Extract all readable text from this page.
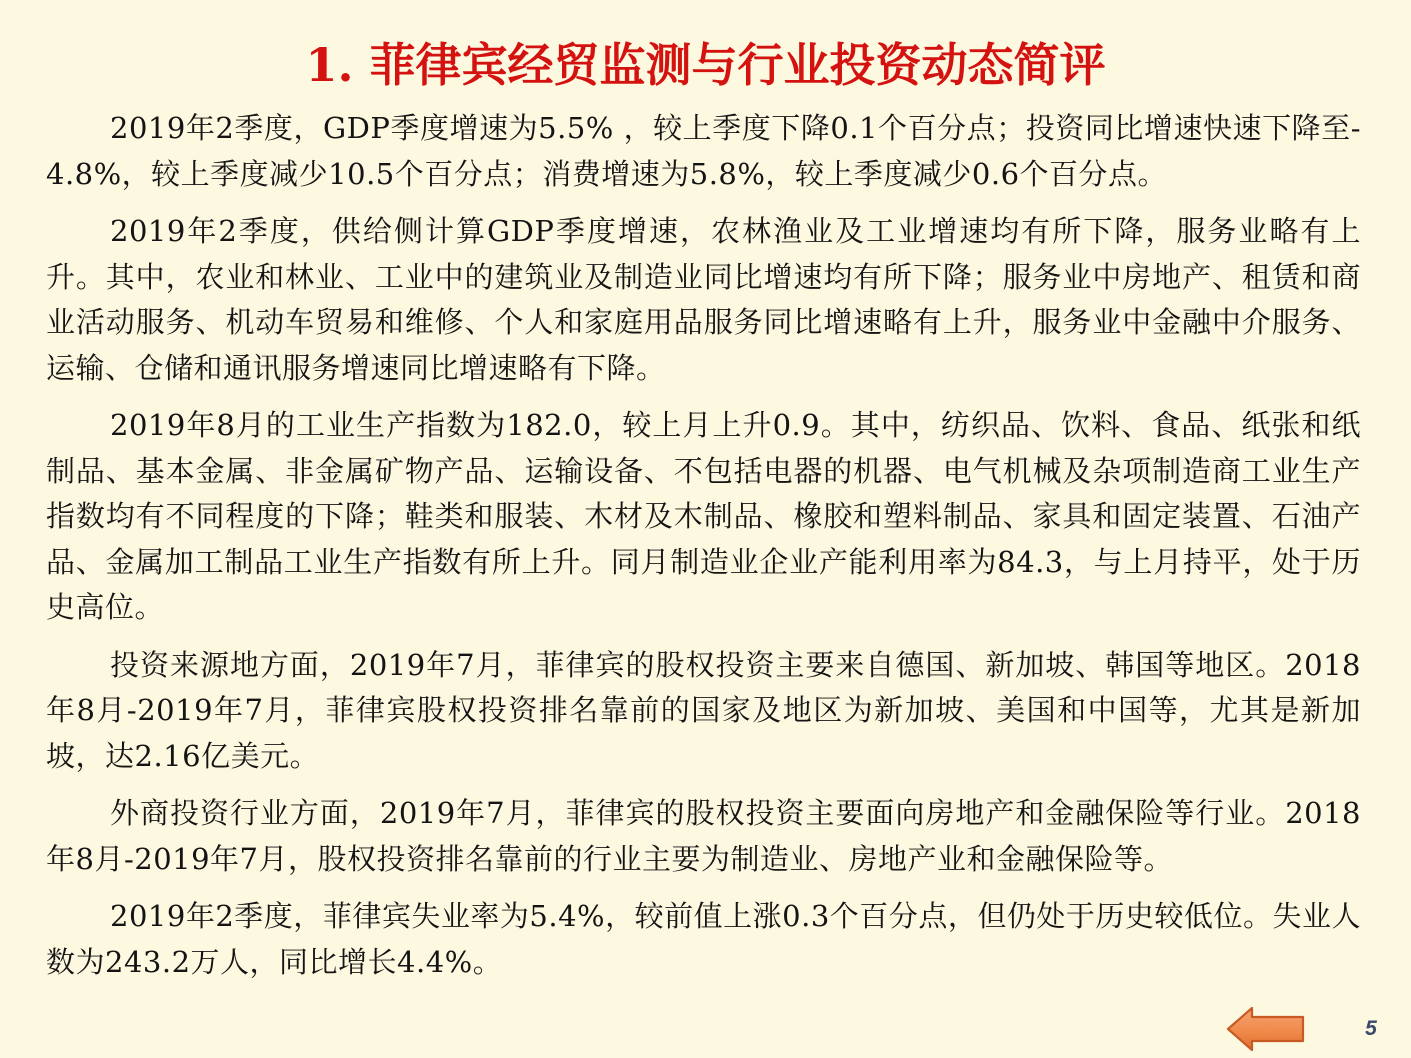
1. 菲律宾经贸监测与行业投资动态简评

2019年2季度，GDP季度增速为5.5% ，较上季度下降0.1个百分点；投资同比增速快速下降至-4.8%，较上季度减少10.5个百分点；消费增速为5.8%，较上季度减少0.6个百分点。

2019年2季度，供给侧计算GDP季度增速，农林渔业及工业增速均有所下降，服务业略有上升。其中，农业和林业、工业中的建筑业及制造业同比增速均有所下降；服务业中房地产、租赁和商业活动服务、机动车贸易和维修、个人和家庭用品服务同比增速略有上升，服务业中金融中介服务、运输、仓储和通讯服务增速同比增速略有下降。

2019年8月的工业生产指数为182.0，较上月上升0.9。其中，纺织品、饮料、食品、纸张和纸制品、基本金属、非金属矿物产品、运输设备、不包括电器的机器、电气机械及杂项制造商工业生产指数均有不同程度的下降；鞋类和服装、木材及木制品、橡胶和塑料制品、家具和固定装置、石油产品、金属加工制品工业生产指数有所上升。同月制造业企业产能利用率为84.3，与上月持平，处于历史高位。

投资来源地方面，2019年7月，菲律宾的股权投资主要来自德国、新加坡、韩国等地区。2018年8月-2019年7月，菲律宾股权投资排名靠前的国家及地区为新加坡、美国和中国等，尤其是新加坡，达2.16亿美元。

外商投资行业方面，2019年7月，菲律宾的股权投资主要面向房地产和金融保险等行业。2018年8月-2019年7月，股权投资排名靠前的行业主要为制造业、房地产业和金融保险等。

2019年2季度，菲律宾失业率为5.4%，较前值上涨0.3个百分点，但仍处于历史较低位。失业人数为243.2万人，同比增长4.4%。

5
